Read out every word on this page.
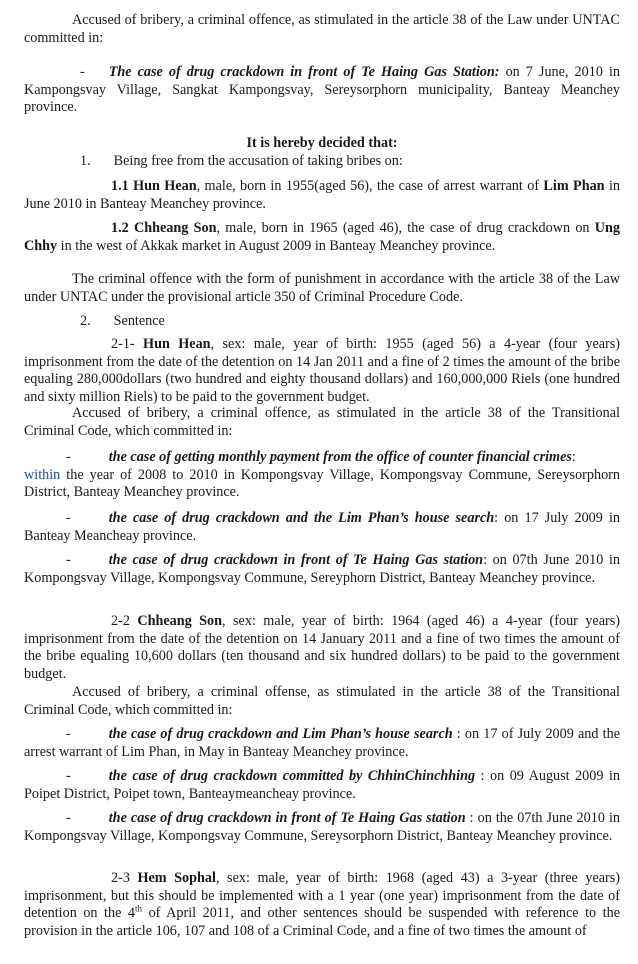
Accused of bribery, a criminal offence, as stimulated in the article 38 of the Law under UNTAC committed in:

- The case of drug crackdown in front of Te Haing Gas Station: on 7 June, 2010 in Kampongsvay Village, Sangkat Kampongsvay, Sereysorphorn municipality, Banteay Meanchey province.

It is hereby decided that:

1. Being free from the accusation of taking bribes on:

1.1 Hun Hean, male, born in 1955(aged 56), the case of arrest warrant of Lim Phan in June 2010 in Banteay Meanchey province.

1.2 Chheang Son, male, born in 1965 (aged 46), the case of drug crackdown on Ung Chhy in the west of Akkak market in August 2009 in Banteay Meanchey province.

The criminal offence with the form of punishment in accordance with the article 38 of the Law under UNTAC under the provisional article 350 of Criminal Procedure Code.

2. Sentence

2-1- Hun Hean, sex: male, year of birth: 1955 (aged 56) a 4-year (four years) imprisonment from the date of the detention on 14 Jan 2011 and a fine of 2 times the amount of the bribe equaling 280,000dollars (two hundred and eighty thousand dollars) and 160,000,000 Riels (one hundred and sixty million Riels) to be paid to the government budget.

Accused of bribery, a criminal offence, as stimulated in the article 38 of the Transitional Criminal Code, which committed in:

-	the case of getting monthly payment from the office of counter financial crimes:
within the year of 2008 to 2010 in Kompongsvay Village, Kompongsvay Commune, Sereysorphorn District, Banteay Meanchey province.

-	the case of drug crackdown and the Lim Phan’s house search: on 17 July 2009 in Banteay Meancheay province.

-	the case of drug crackdown in front of Te Haing Gas station: on 07th June 2010 in Kompongsvay Village, Kompongsvay Commune, Sereyphorn District, Banteay Meanchey province.

2-2 Chheang Son, sex: male, year of birth: 1964 (aged 46) a 4-year (four years) imprisonment from the date of the detention on 14 January 2011 and a fine of two times the amount of the bribe equaling 10,600 dollars (ten thousand and six hundred dollars) to be paid to the government budget.

Accused of bribery, a criminal offense, as stimulated in the article 38 of the Transitional Criminal Code, which committed in:

-	the case of drug crackdown and Lim Phan’s house search : on 17 of July 2009 and the arrest warrant of Lim Phan, in May in Banteay Meanchey province.

-	the case of drug crackdown committed by ChhinChinchhing : on 09 August 2009 in Poipet District, Poipet town, Banteaymeancheay province.

-	the case of drug crackdown in front of Te Haing Gas station : on the 07th June 2010 in Kompongsvay Village, Kompongsvay Commune, Sereysorphorn District, Banteay Meanchey province.

2-3 Hem Sophal, sex: male, year of birth: 1968 (aged 43) a 3-year (three years) imprisonment, but this should be implemented with a 1 year (one year) imprisonment from the date of detention on the 4th of April 2011, and other sentences should be suspended with reference to the provision in the article 106, 107 and 108 of a Criminal Code, and a fine of two times the amount of
